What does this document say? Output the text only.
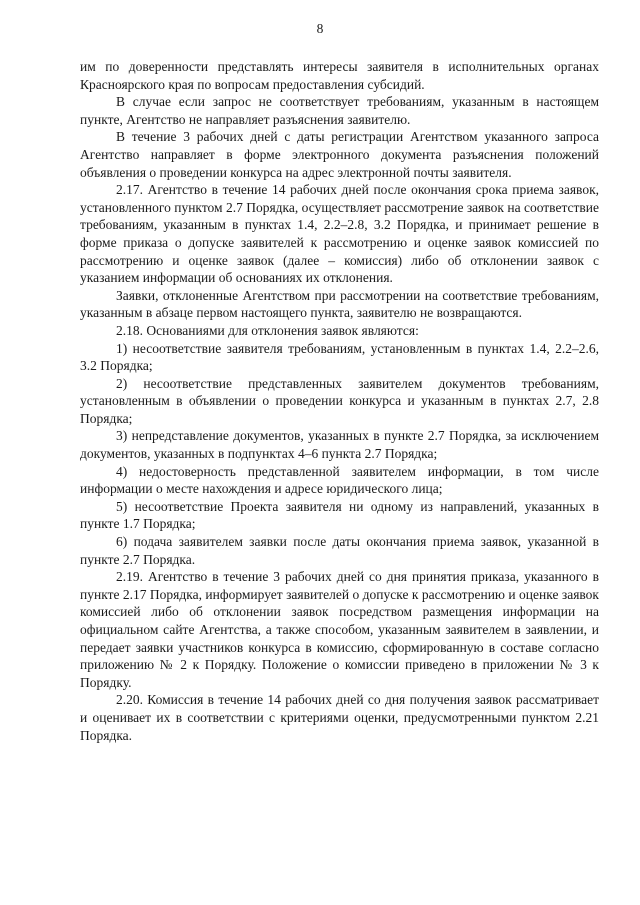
8

им по доверенности представлять интересы заявителя в исполнительных органах Красноярского края по вопросам предоставления субсидий.

В случае если запрос не соответствует требованиям, указанным в настоящем пункте, Агентство не направляет разъяснения заявителю.

В течение 3 рабочих дней с даты регистрации Агентством указанного запроса Агентство направляет в форме электронного документа разъяснения положений объявления о проведении конкурса на адрес электронной почты заявителя.

2.17. Агентство в течение 14 рабочих дней после окончания срока приема заявок, установленного пунктом 2.7 Порядка, осуществляет рассмотрение заявок на соответствие требованиям, указанным в пунктах 1.4, 2.2–2.8, 3.2 Порядка, и принимает решение в форме приказа о допуске заявителей к рассмотрению и оценке заявок комиссией по рассмотрению и оценке заявок (далее – комиссия) либо об отклонении заявок с указанием информации об основаниях их отклонения.

Заявки, отклоненные Агентством при рассмотрении на соответствие требованиям, указанным в абзаце первом настоящего пункта, заявителю не возвращаются.

2.18. Основаниями для отклонения заявок являются:

1) несоответствие заявителя требованиям, установленным в пунктах 1.4, 2.2–2.6, 3.2 Порядка;

2) несоответствие представленных заявителем документов требованиям, установленным в объявлении о проведении конкурса и указанным в пунктах 2.7, 2.8 Порядка;

3) непредставление документов, указанных в пункте 2.7 Порядка, за исключением документов, указанных в подпунктах 4–6 пункта 2.7 Порядка;

4) недостоверность представленной заявителем информации, в том числе информации о месте нахождения и адресе юридического лица;

5) несоответствие Проекта заявителя ни одному из направлений, указанных в пункте 1.7 Порядка;

6) подача заявителем заявки после даты окончания приема заявок, указанной в пункте 2.7 Порядка.

2.19. Агентство в течение 3 рабочих дней со дня принятия приказа, указанного в пункте 2.17 Порядка, информирует заявителей о допуске к рассмотрению и оценке заявок комиссией либо об отклонении заявок посредством размещения информации на официальном сайте Агентства, а также способом, указанным заявителем в заявлении, и передает заявки участников конкурса в комиссию, сформированную в составе согласно приложению № 2 к Порядку. Положение о комиссии приведено в приложении № 3 к Порядку.

2.20. Комиссия в течение 14 рабочих дней со дня получения заявок рассматривает и оценивает их в соответствии с критериями оценки, предусмотренными пунктом 2.21 Порядка.
